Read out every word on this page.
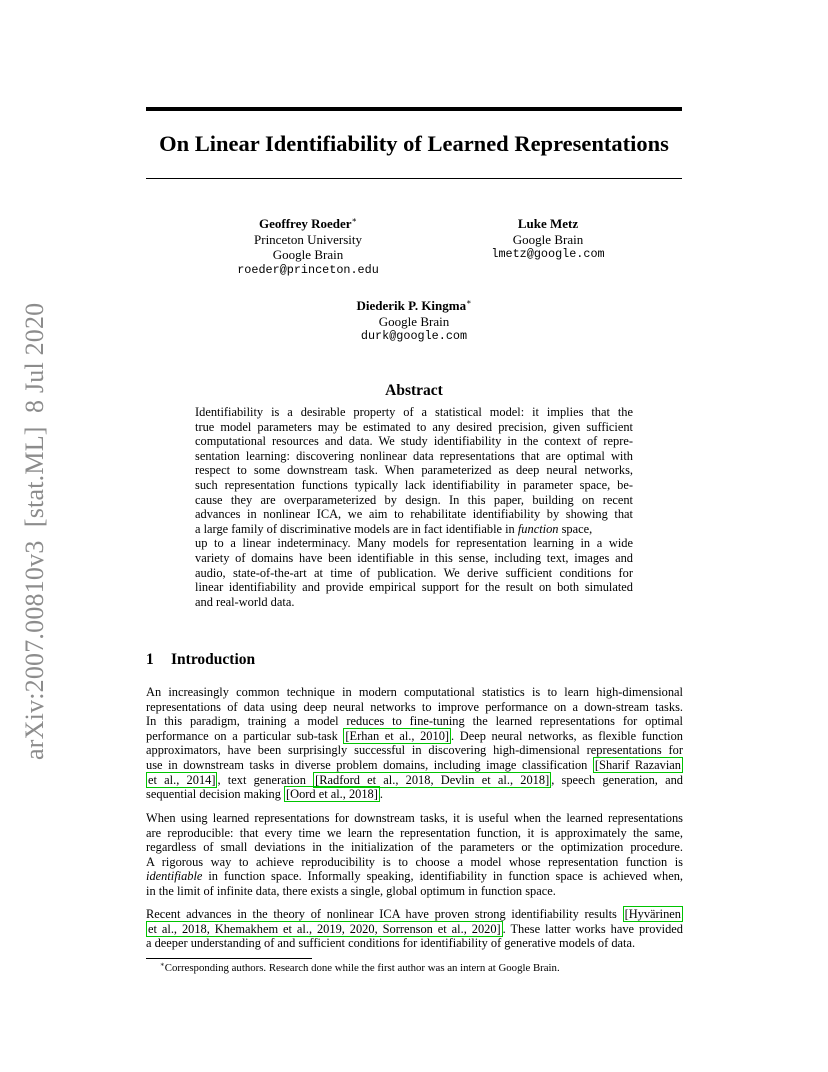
arXiv:2007.00810v3  [stat.ML]  8 Jul 2020
On Linear Identifiability of Learned Representations
Geoffrey Roeder∗
Princeton University
Google Brain
roeder@princeton.edu
Luke Metz
Google Brain
lmetz@google.com
Diederik P. Kingma∗
Google Brain
durk@google.com
Abstract
Identifiability is a desirable property of a statistical model: it implies that the
true model parameters may be estimated to any desired precision, given sufficient
computational resources and data. We study identifiability in the context of repre-
sentation learning: discovering nonlinear data representations that are optimal with
respect to some downstream task. When parameterized as deep neural networks,
such representation functions typically lack identifiability in parameter space, be-
cause they are overparameterized by design. In this paper, building on recent
advances in nonlinear ICA, we aim to rehabilitate identifiability by showing that
a large family of discriminative models are in fact identifiable in function space,
up to a linear indeterminacy. Many models for representation learning in a wide
variety of domains have been identifiable in this sense, including text, images and
audio, state-of-the-art at time of publication. We derive sufficient conditions for
linear identifiability and provide empirical support for the result on both simulated
and real-world data.
1 Introduction
An increasingly common technique in modern computational statistics is to learn high-dimensional
representations of data using deep neural networks to improve performance on a down-stream tasks.
In this paradigm, training a model reduces to fine-tuning the learned representations for optimal
performance on a particular sub-task [Erhan et al., 2010] . Deep neural networks, as flexible function
approximators, have been surprisingly successful in discovering high-dimensional representations for
use in downstream tasks in diverse problem domains, including image classification [Sharif Razavian
et al., 2014] , text generation [Radford et al., 2018, Devlin et al., 2018] , speech generation, and
sequential decision making [Oord et al., 2018] .
When using learned representations for downstream tasks, it is useful when the learned representations
are reproducible: that every time we learn the representation function, it is approximately the same,
regardless of small deviations in the initialization of the parameters or the optimization procedure.
A rigorous way to achieve reproducibility is to choose a model whose representation function is
identifiable in function space. Informally speaking, identifiability in function space is achieved when,
in the limit of infinite data, there exists a single, global optimum in function space.
Recent advances in the theory of nonlinear ICA have proven strong identifiability results [Hyvärinen
et al., 2018, Khemakhem et al., 2019, 2020, Sorrenson et al., 2020] . These latter works have provided
a deeper understanding of and sufficient conditions for identifiability of generative models of data.
∗Corresponding authors. Research done while the first author was an intern at Google Brain.
